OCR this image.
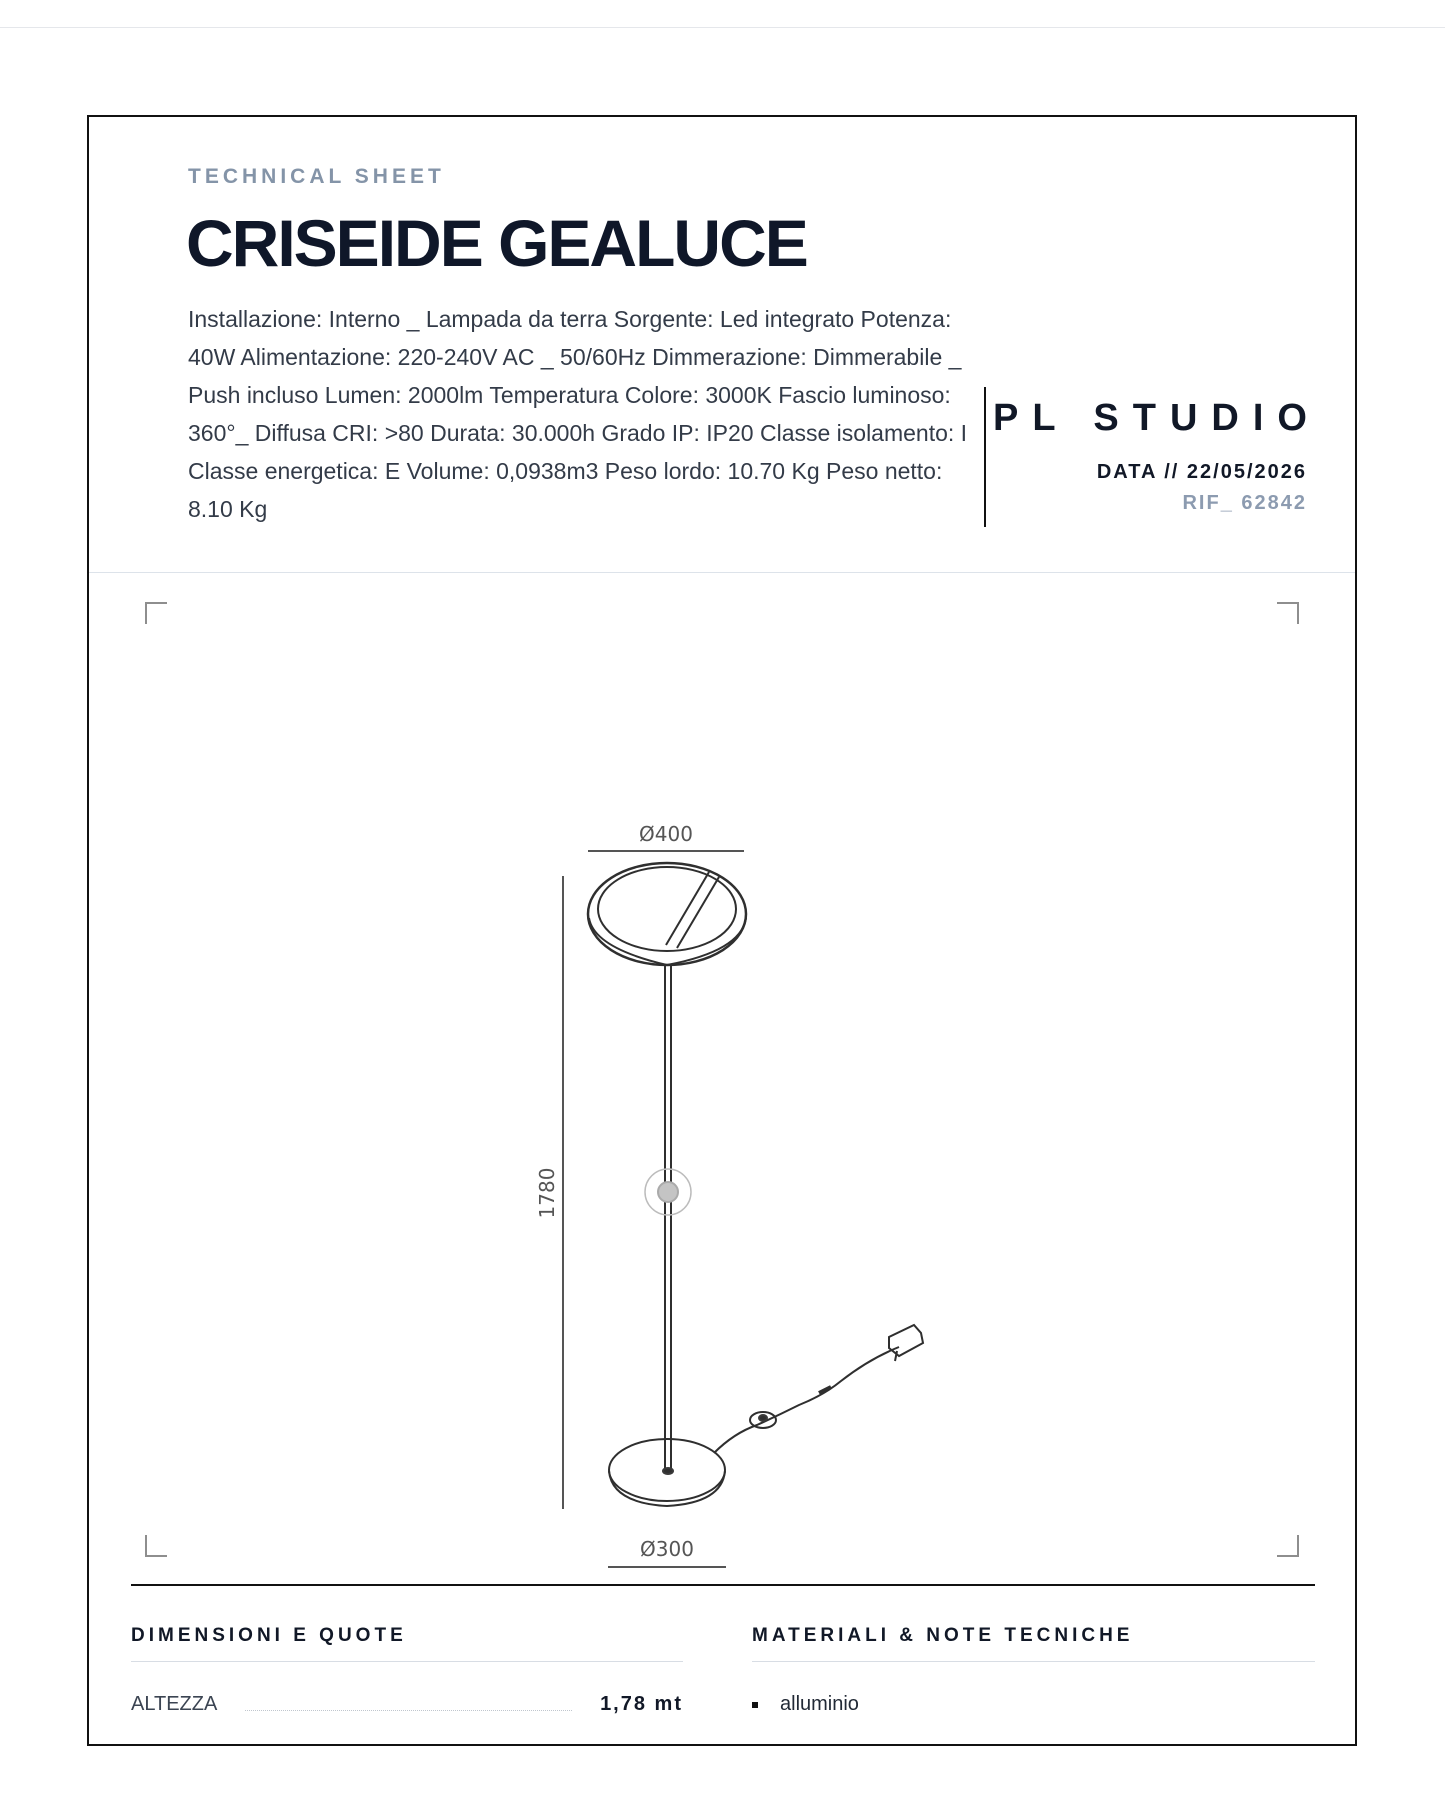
TECHNICAL SHEET
CRISEIDE GEALUCE

Installazione: Interno _ Lampada da terra Sorgente: Led integrato Potenza: 40W Alimentazione: 220-240V AC _ 50/60Hz Dimmerazione: Dimmerabile _ Push incluso Lumen: 2000lm Temperatura Colore: 3000K Fascio luminoso: 360°_ Diffusa CRI: >80 Durata: 30.000h Grado IP: IP20 Classe isolamento: I Classe energetica: E Volume: 0,0938m3 Peso lordo: 10.70 Kg Peso netto: 8.10 Kg

PL STUDIO
DATA // 22/05/2026
RIF_ 62842
Ø400
1780
Ø300
DIMENSIONI E QUOTE
ALTEZZA	1,78 mt
MATERIALI & NOTE TECNICHE
alluminio
